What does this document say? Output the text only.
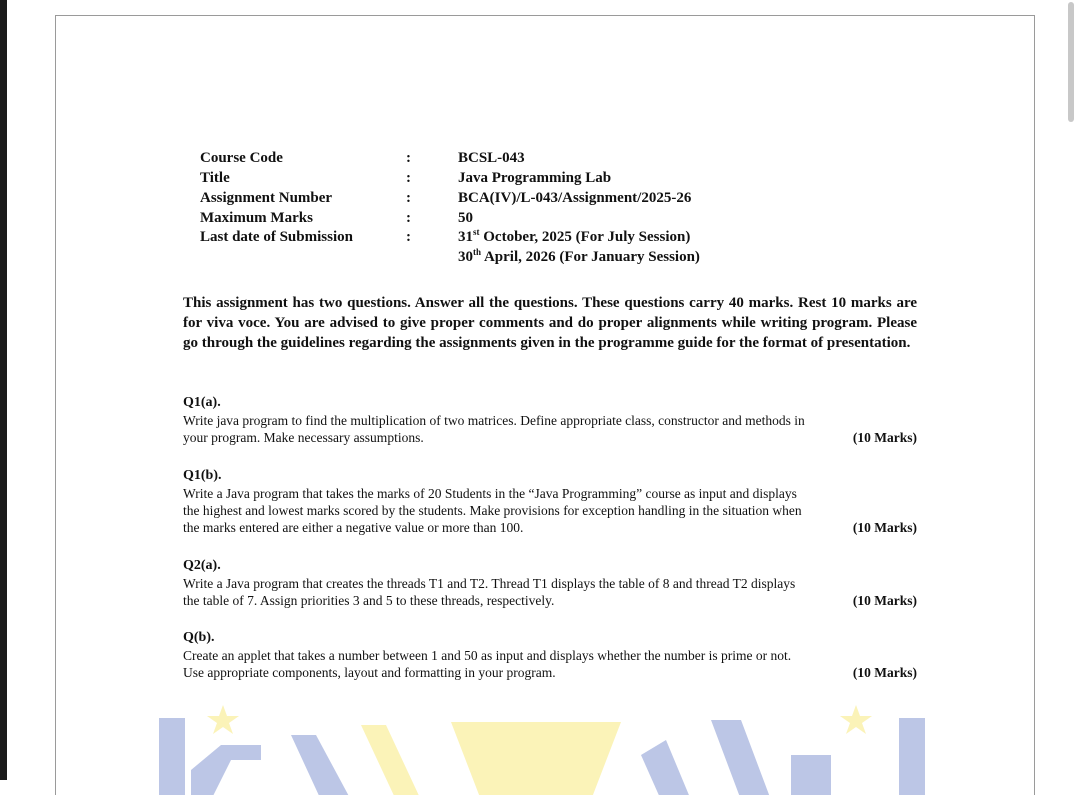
Course Code	:	BCSL-043
Title	:	Java Programming Lab
Assignment Number	:	BCA(IV)/L-043/Assignment/2025-26
Maximum Marks	:	50
Last date of Submission	:	31st October, 2025 (For July Session)
30th April, 2026 (For January Session)
This assignment has two questions. Answer all the questions. These questions carry 40 marks. Rest 10 marks are for viva voce. You are advised to give proper comments and do proper alignments while writing program. Please go through the guidelines regarding the assignments given in the programme guide for the format of presentation.
Q1(a).
Write java program to find the multiplication of two matrices. Define appropriate class, constructor and methods in
(10 Marks)
your program. Make necessary assumptions.
Q1(b).
Write a Java program that takes the marks of 20 Students in the “Java Programming” course as input and displays
the highest and lowest marks scored by the students. Make provisions for exception handling in the situation when
(10 Marks)
the marks entered are either a negative value or more than 100.
Q2(a).
Write a Java program that creates the threads T1 and T2. Thread T1 displays the table of 8 and thread T2 displays
(10 Marks)
the table of 7. Assign priorities 3 and 5 to these threads, respectively.
Q(b).
Create an applet that takes a number between 1 and 50 as input and displays whether the number is prime or not.
(10 Marks)
Use appropriate components, layout and formatting in your program.
